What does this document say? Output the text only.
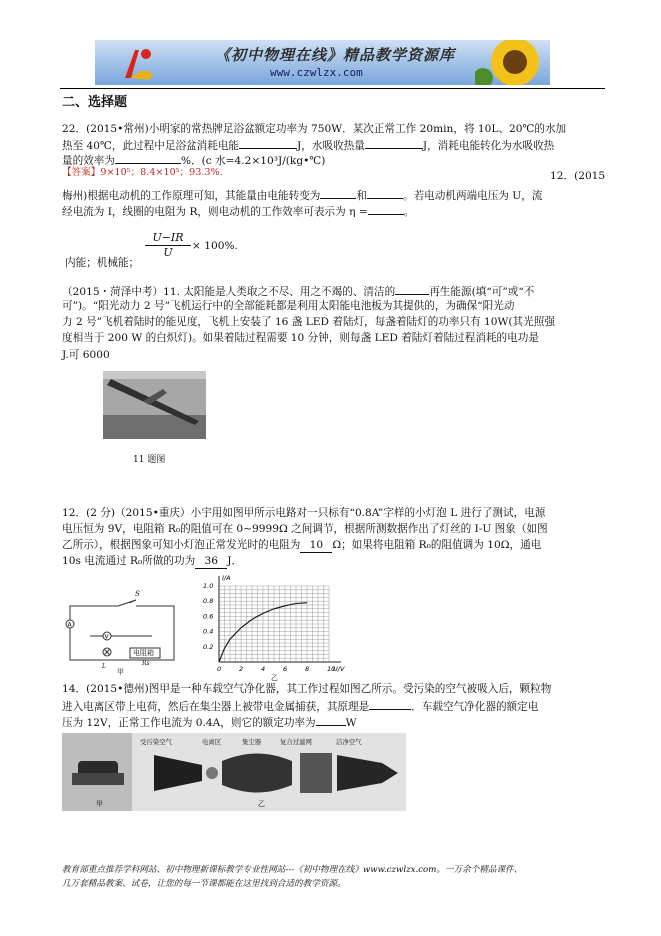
《初中物理在线》精品教学资源库
www.czwlzx.com
二、选择题
22．(2015•常州)小明家的常热牌足浴盆额定功率为 750W．某次正常工作 20min，将 10L、20℃的水加
热至 40℃，此过程中足浴盆消耗电能	J，水吸收热量	J，消耗电能转化为水吸收热
量的效率为	%．(c 水=4.2×10³J/(kg•℃)
【答案】9×10⁵；8.4×10⁵；93.3%.	12．(2015
梅州)根据电动机的工作原理可知，其能量由电能转变为	和	。若电动机两端电压为 U，流
经电流为 I，线圈的电阻为 R，则电动机的工作效率可表示为 η =	。
$\frac{U-IR}{U} \times 100\%$.
内能；机械能；
（2015・菏泽中考）11. 太阳能是人类取之不尽、用之不竭的、清洁的	再生能源(填“可”或“不
可”)。“阳光动力 2 号”飞机运行中的全部能耗都是利用太阳能电池板为其提供的，为确保“阳光动
力 2 号”飞机着陆时的能见度，飞机上安装了 16 盏 LED 着陆灯，每盏着陆灯的功率只有 10W(其光照强
度相当于 200 W 的白炽灯)。如果着陆过程需要 10 分钟，则每盏 LED 着陆灯着陆过程消耗的电功是
J.可 6000
11 题图
12．(2 分)（2015•重庆）小宇用如图甲所示电路对一只标有“0.8A”字样的小灯泡 L 进行了测试，电源
电压恒为 9V，电阻箱 R₀的阻值可在 0~9999Ω 之间调节，根据所测数据作出了灯丝的 I-U 图象（如图
乙所示），根据图象可知小灯泡正常发光时的电阻为 10 Ω；如果将电阻箱 R₀的阻值调为 10Ω，通电
10s 电流通过 R₀所做的功为 36 J．
A
V
电阻箱
Rs
S
L
甲	0	2	4	6	8	10
0.2
0.4
0.6
0.8
1.0
U/V
I/A
乙
14．(2015•德州)图甲是一种车载空气净化器，其工作过程如图乙所示。受污染的空气被吸入后，颗粒物
进入电离区带上电荷，然后在集尘器上被带电金属捕获，其原理是	．车载空气净化器的额定电
压为 12V，正常工作电流为 0.4A，则它的额定功率为	W
受污染空气	电离区	集尘器	复合过滤网	洁净空气
甲	乙
教育部重点推荐学科网站、初中物理新课标教学专业性网站---《初中物理在线》www.czwlzx.com。一万余个精品课件、
几万套精品教案、试卷，让您的每一节课都能在这里找到合适的教学资源。
